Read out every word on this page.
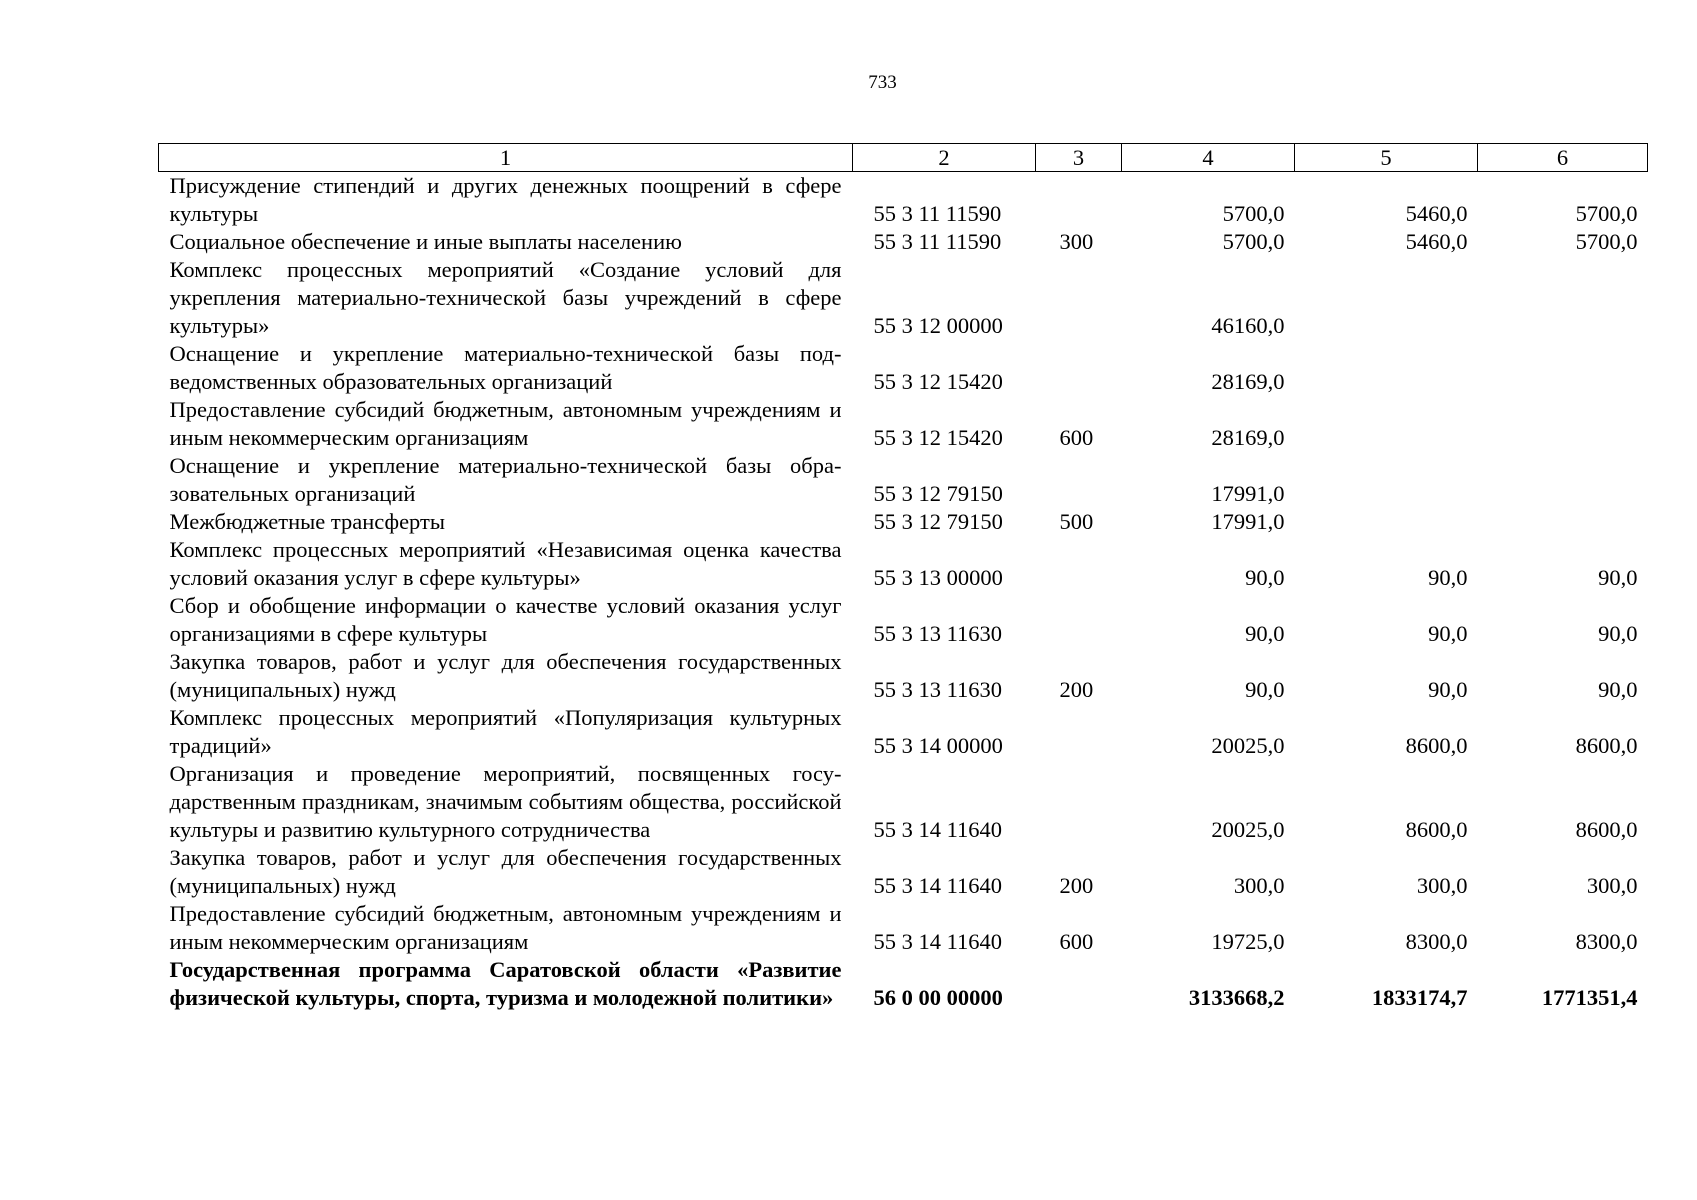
733
1	2	3	4	5	6
Присуждение стипендий и других денежных поощрений в сфере культуры	55 3 11 11590		5700,0	5460,0	5700,0
Социальное обеспечение и иные выплаты населению	55 3 11 11590	300	5700,0	5460,0	5700,0
Комплекс процессных мероприятий «Создание условий для укрепления материально-технической базы учреждений в сфере культуры»	55 3 12 00000		46160,0		
Оснащение и укрепление материально-технической базы подведомственных образовательных организаций	55 3 12 15420		28169,0		
Предоставление субсидий бюджетным, автономным учреждениям и иным некоммерческим организациям	55 3 12 15420	600	28169,0		
Оснащение и укрепление материально-технической базы образовательных организаций	55 3 12 79150		17991,0		
Межбюджетные трансферты	55 3 12 79150	500	17991,0		
Комплекс процессных мероприятий «Независимая оценка качества условий оказания услуг в сфере культуры»	55 3 13 00000		90,0	90,0	90,0
Сбор и обобщение информации о качестве условий оказания услуг организациями в сфере культуры	55 3 13 11630		90,0	90,0	90,0
Закупка товаров, работ и услуг для обеспечения государственных (муниципальных) нужд	55 3 13 11630	200	90,0	90,0	90,0
Комплекс процессных мероприятий «Популяризация культурных традиций»	55 3 14 00000		20025,0	8600,0	8600,0
Организация и проведение мероприятий, посвященных государственным праздникам, значимым событиям общества, российской культуры и развитию культурного сотрудничества	55 3 14 11640		20025,0	8600,0	8600,0
Закупка товаров, работ и услуг для обеспечения государственных (муниципальных) нужд	55 3 14 11640	200	300,0	300,0	300,0
Предоставление субсидий бюджетным, автономным учреждениям и иным некоммерческим организациям	55 3 14 11640	600	19725,0	8300,0	8300,0
Государственная программа Саратовской области «Развитие физической культуры, спорта, туризма и молодежной политики»	56 0 00 00000		3133668,2	1833174,7	1771351,4
